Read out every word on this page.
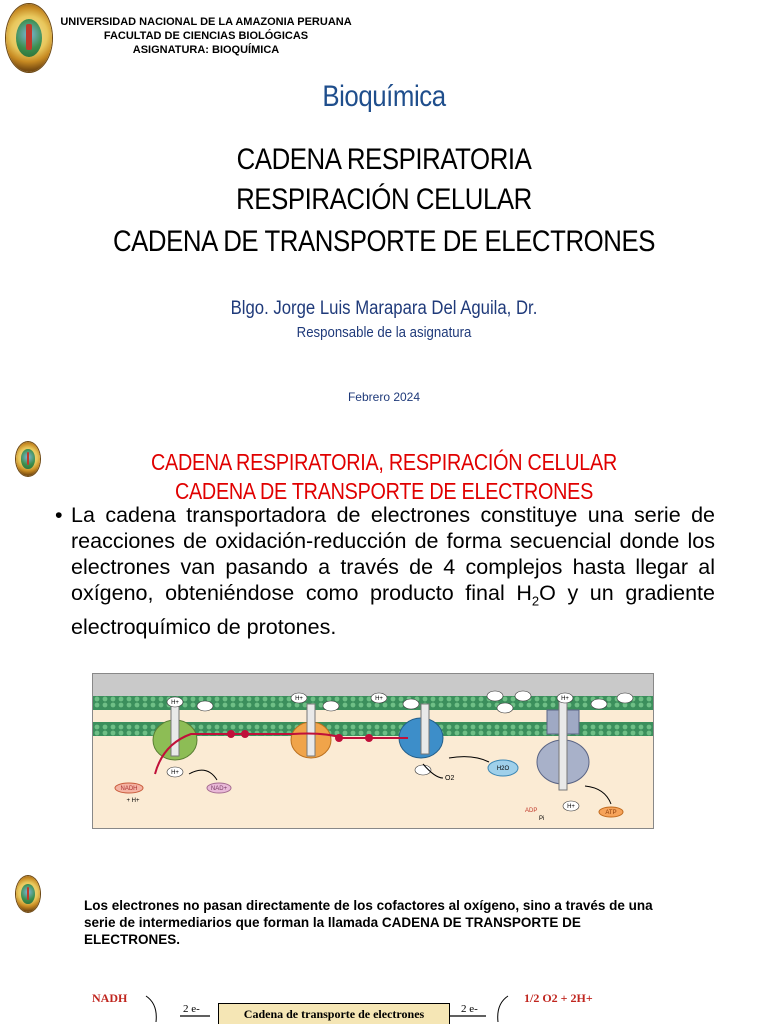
UNIVERSIDAD NACIONAL DE LA AMAZONIA PERUANA
FACULTAD DE CIENCIAS BIOLÓGICAS
ASIGNATURA: BIOQUÍMICA
Bioquímica
CADENA RESPIRATORIA
RESPIRACIÓN CELULAR
CADENA DE TRANSPORTE DE ELECTRONES
Blgo. Jorge Luis Marapara Del Aguila, Dr.
Responsable de la asignatura
Febrero 2024
CADENA RESPIRATORIA, RESPIRACIÓN CELULAR
CADENA DE TRANSPORTE DE ELECTRONES
• La cadena transportadora de electrones constituye una serie de reacciones de oxidación-reducción de forma secuencial donde los electrones van pasando a través de 4 complejos hasta llegar al oxígeno, obteniéndose como producto final $H_2O$ y un gradiente electroquímico de protones.
H+
H+	H+	H+
H+
H+
NADH
+ H+
NAD+
O2
H2O
ADP
Pi
ATP
Los electrones no pasan directamente de los cofactores al oxígeno, sino a través de una serie de intermediarios que forman la llamada CADENA DE TRANSPORTE DE ELECTRONES.
NADH
2 e-	Cadena de transporte de electrones	2 e-
1/2 O2 + 2H+
